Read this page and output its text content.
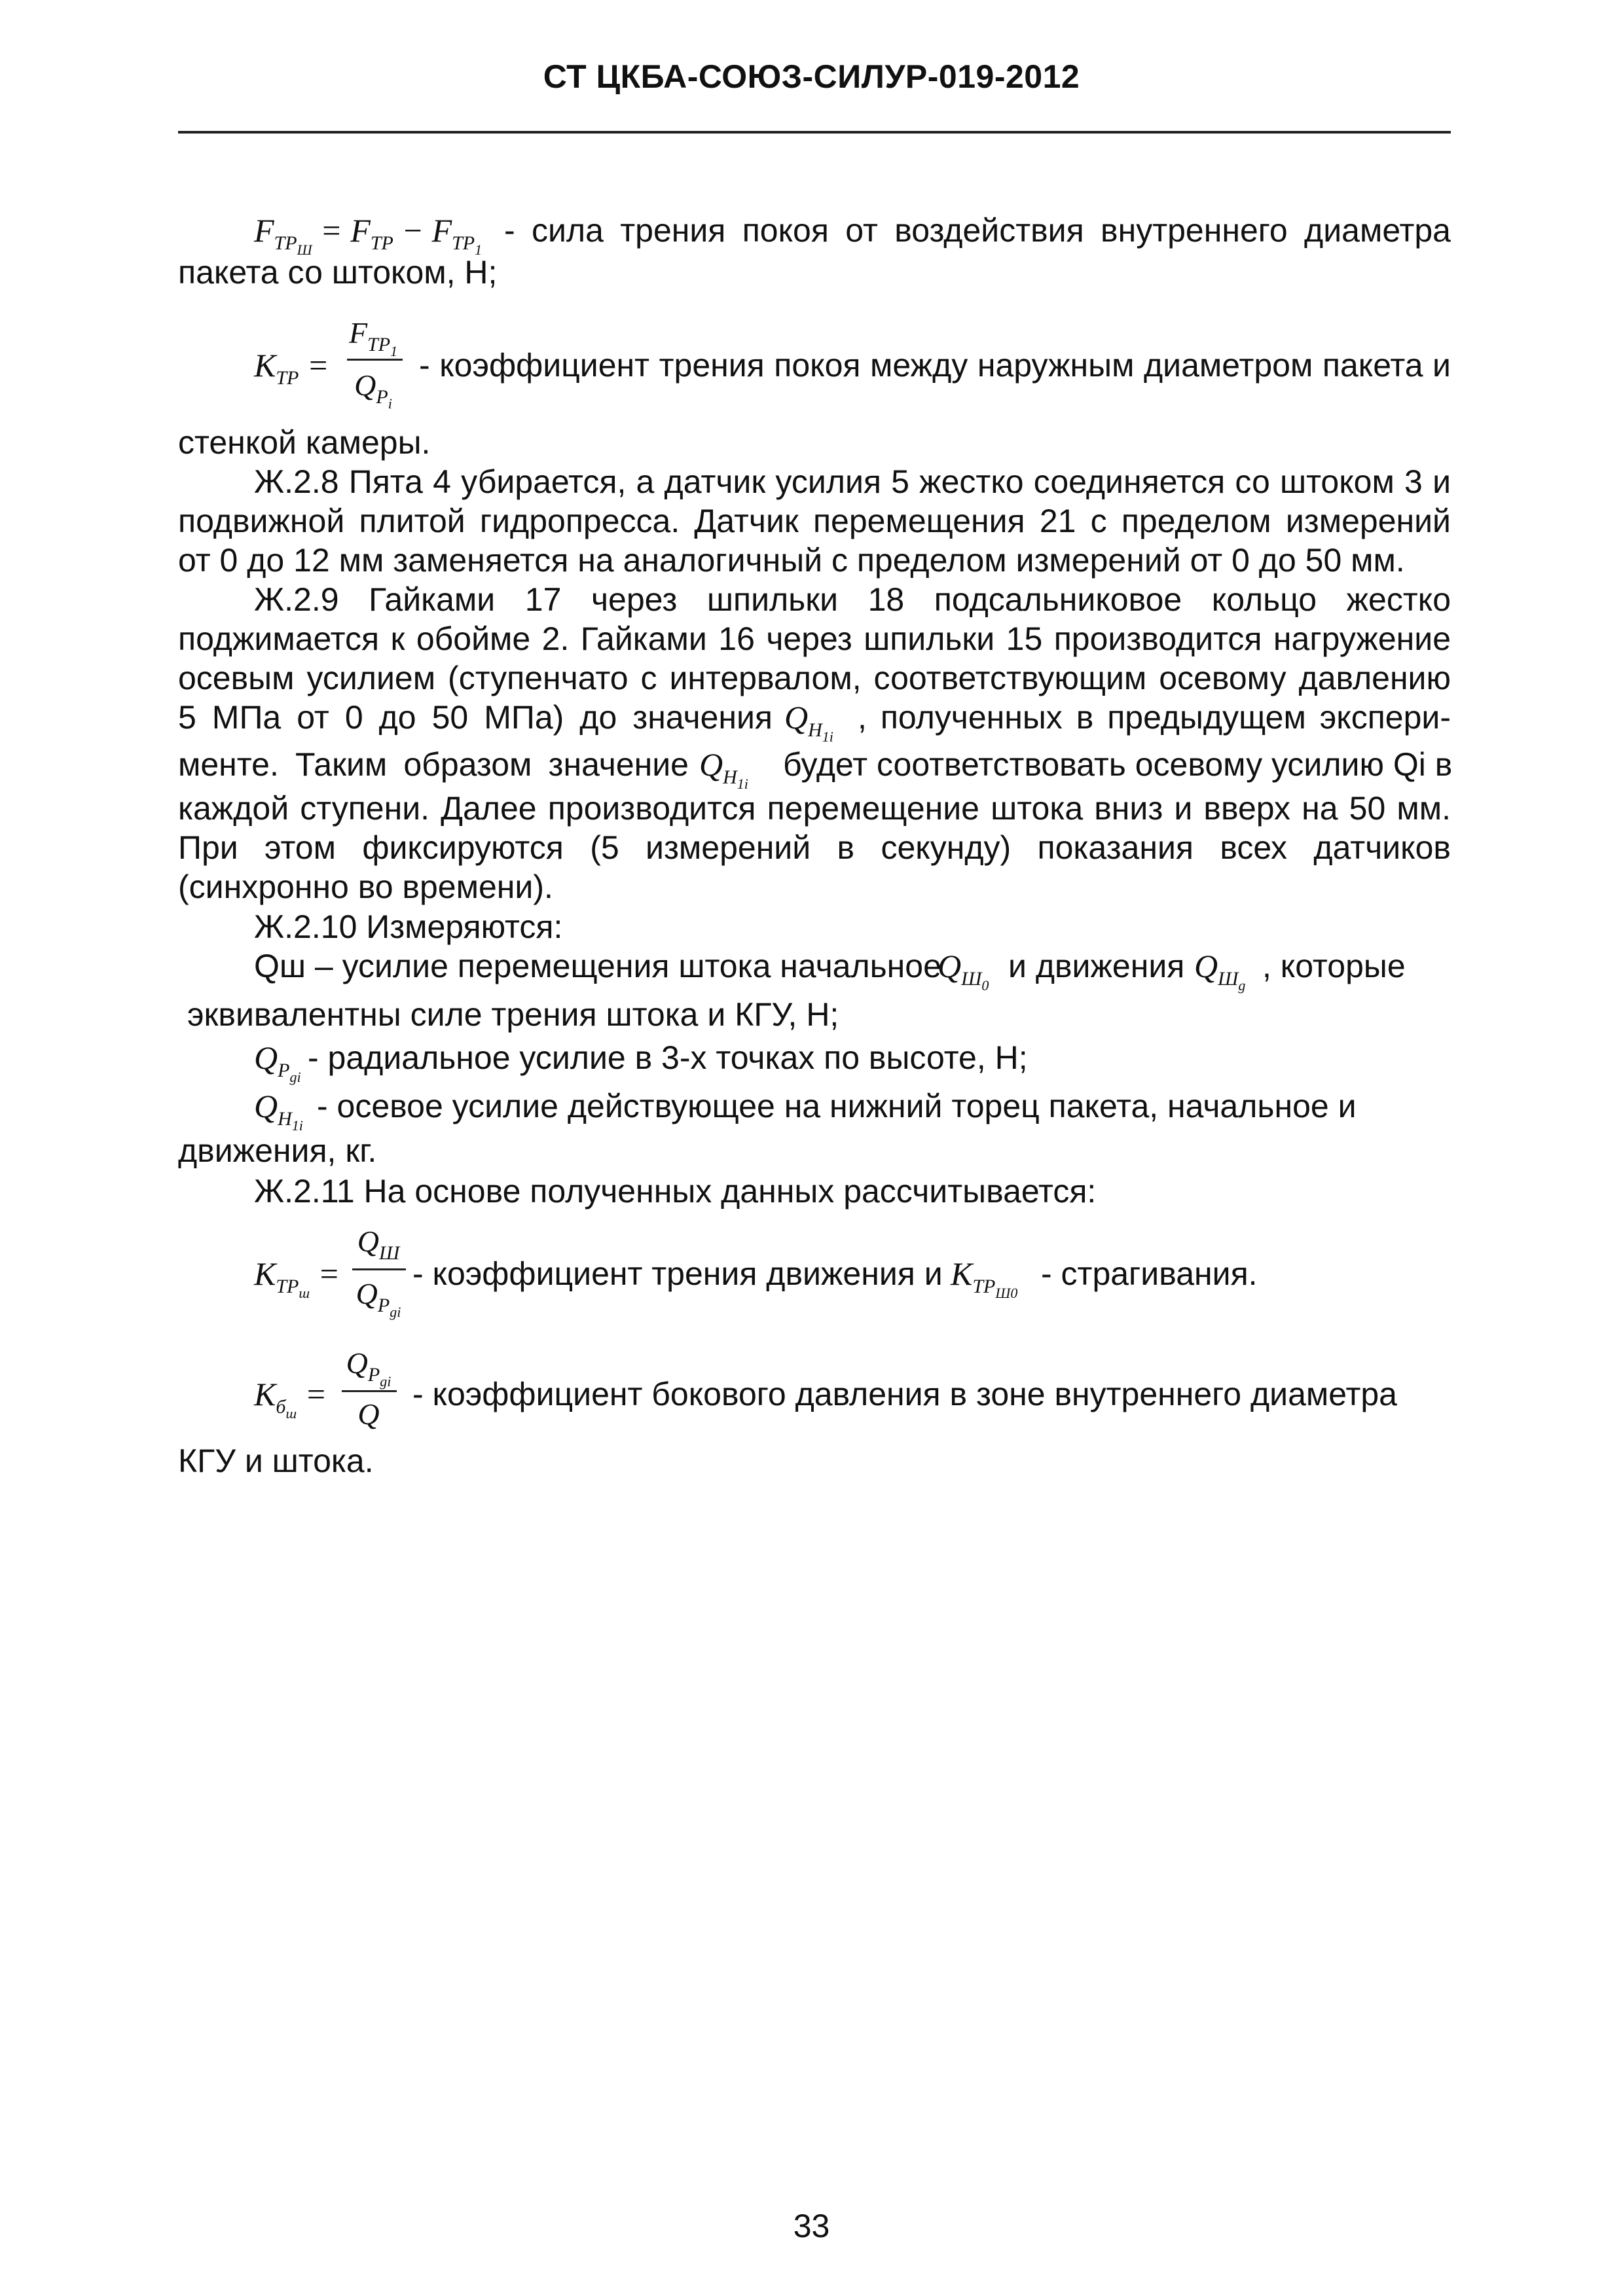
СТ ЦКБА-СОЮЗ-СИЛУР-019-2012
$F_{TP_Ш} = F_{TP} - F_{TP_1}$
- сила трения покоя от воздействия внутреннего диаметра
пакета со штоком, Н;
$K_{TP}$ =
$F_{TP_1}$
$Q_{P_i}$
- коэффициент трения покоя между наружным диаметром пакета и
стенкой камеры.
Ж.2.8 Пята 4 убирается, а датчик усилия 5 жестко соединяется со штоком 3 и
подвижной плитой гидропресса. Датчик перемещения 21 с пределом измерений
от 0 до 12 мм заменяется на аналогичный с пределом измерений от 0 до 50 мм.
Ж.2.9 Гайками 17 через шпильки 18 подсальниковое кольцо жестко
поджимается к обойме 2. Гайками 16 через шпильки 15 производится нагружение
осевым усилием (ступенчато с интервалом, соответствующим осевому давлению
5 МПа от 0 до 50 МПа) до значения $Q_{H_{1i}}$
, полученных в предыдущем экспери-
менте. Таким образом значение $Q_{H_{1i}}$
будет соответствовать осевому усилию Qi в
каждой ступени. Далее производится перемещение штока вниз и вверх на 50 мм.
При этом фиксируются (5 измерений в секунду) показания всех датчиков
(синхронно во времени).
Ж.2.10 Измеряются:
Qш – усилие перемещения штока начальное
$Q_{Ш_0}$
и движения $Q_{Ш_g}$
, которые
эквивалентны силе трения штока и КГУ, Н;
$Q_{P_{gi}}$
- радиальное усилие в 3-х точках по высоте, Н;
$Q_{H_{1i}}$
- осевое усилие действующее на нижний торец пакета, начальное и
движения, кг.
Ж.2.11 На основе полученных данных рассчитывается:
$K_{TP_ш}$ =
$Q_Ш$
$Q_{P_{gi}}$
- коэффициент трения движения и $K_{TP_{Ш0}}$
- страгивания.
$K_{б_ш}$ =
$Q_{P_{gi}}$
Q
- коэффициент бокового давления в зоне внутреннего диаметра
КГУ и штока.
33
